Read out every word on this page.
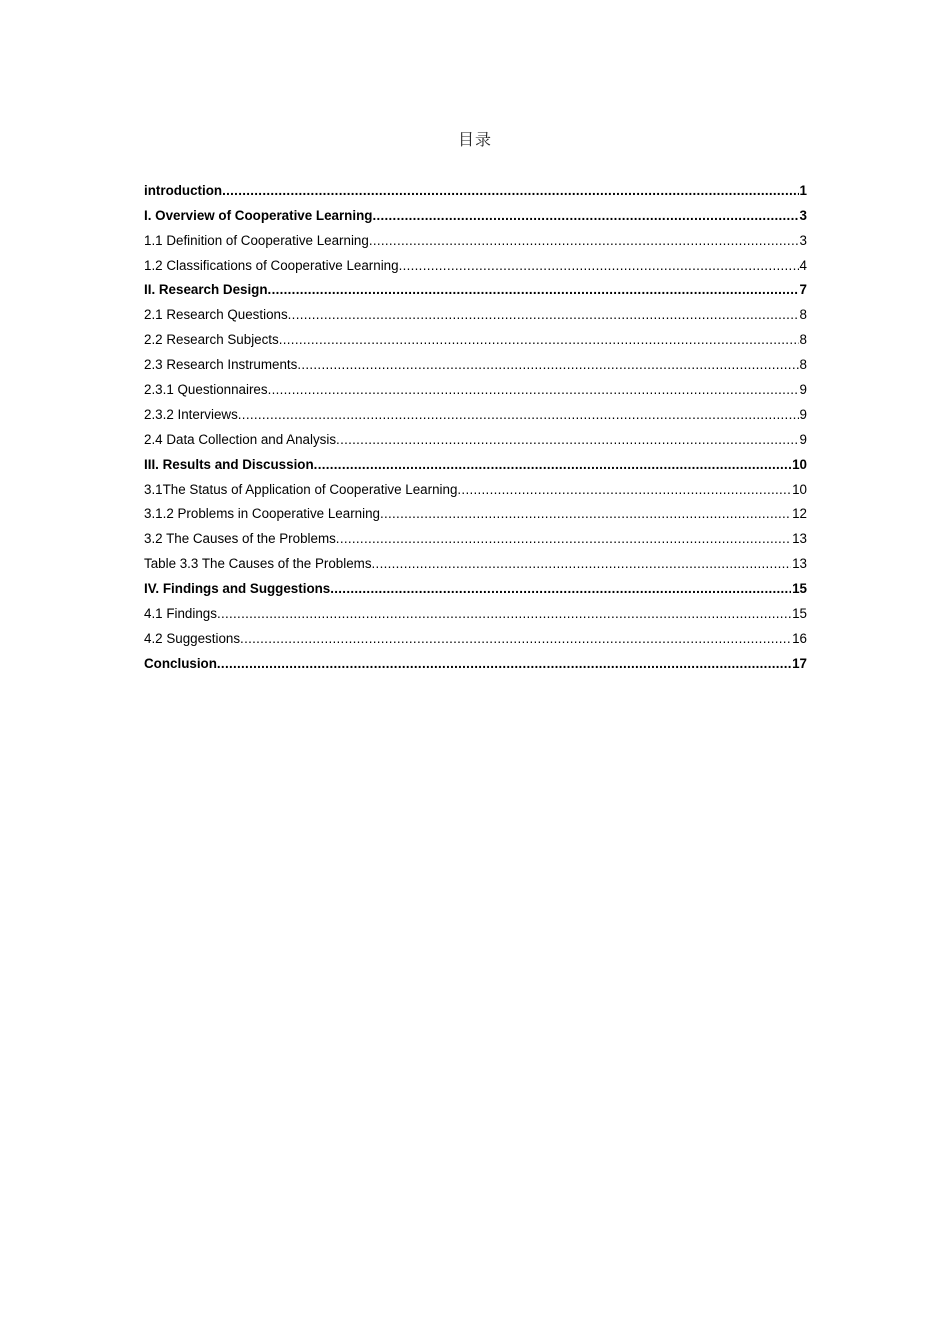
目录
introduction .....	1
I. Overview of Cooperative Learning .....	3
1.1 Definition of Cooperative Learning .....	3
1.2 Classifications of Cooperative Learning .....	4
II. Research Design .....	7
2.1 Research Questions .....	8
2.2 Research Subjects .....	8
2.3 Research Instruments .....	8
2.3.1 Questionnaires .....	9
2.3.2 Interviews .....	9
2.4 Data Collection and Analysis .....	9
III. Results and Discussion .....	10
3.1The Status of Application of Cooperative Learning .....	10
3.1.2 Problems in Cooperative Learning .....	12
3.2 The Causes of the Problems .....	13
Table 3.3 The Causes of the Problems .....	13
IV. Findings and Suggestions .....	15
4.1 Findings .....	15
4.2 Suggestions .....	16
Conclusion .....	17
